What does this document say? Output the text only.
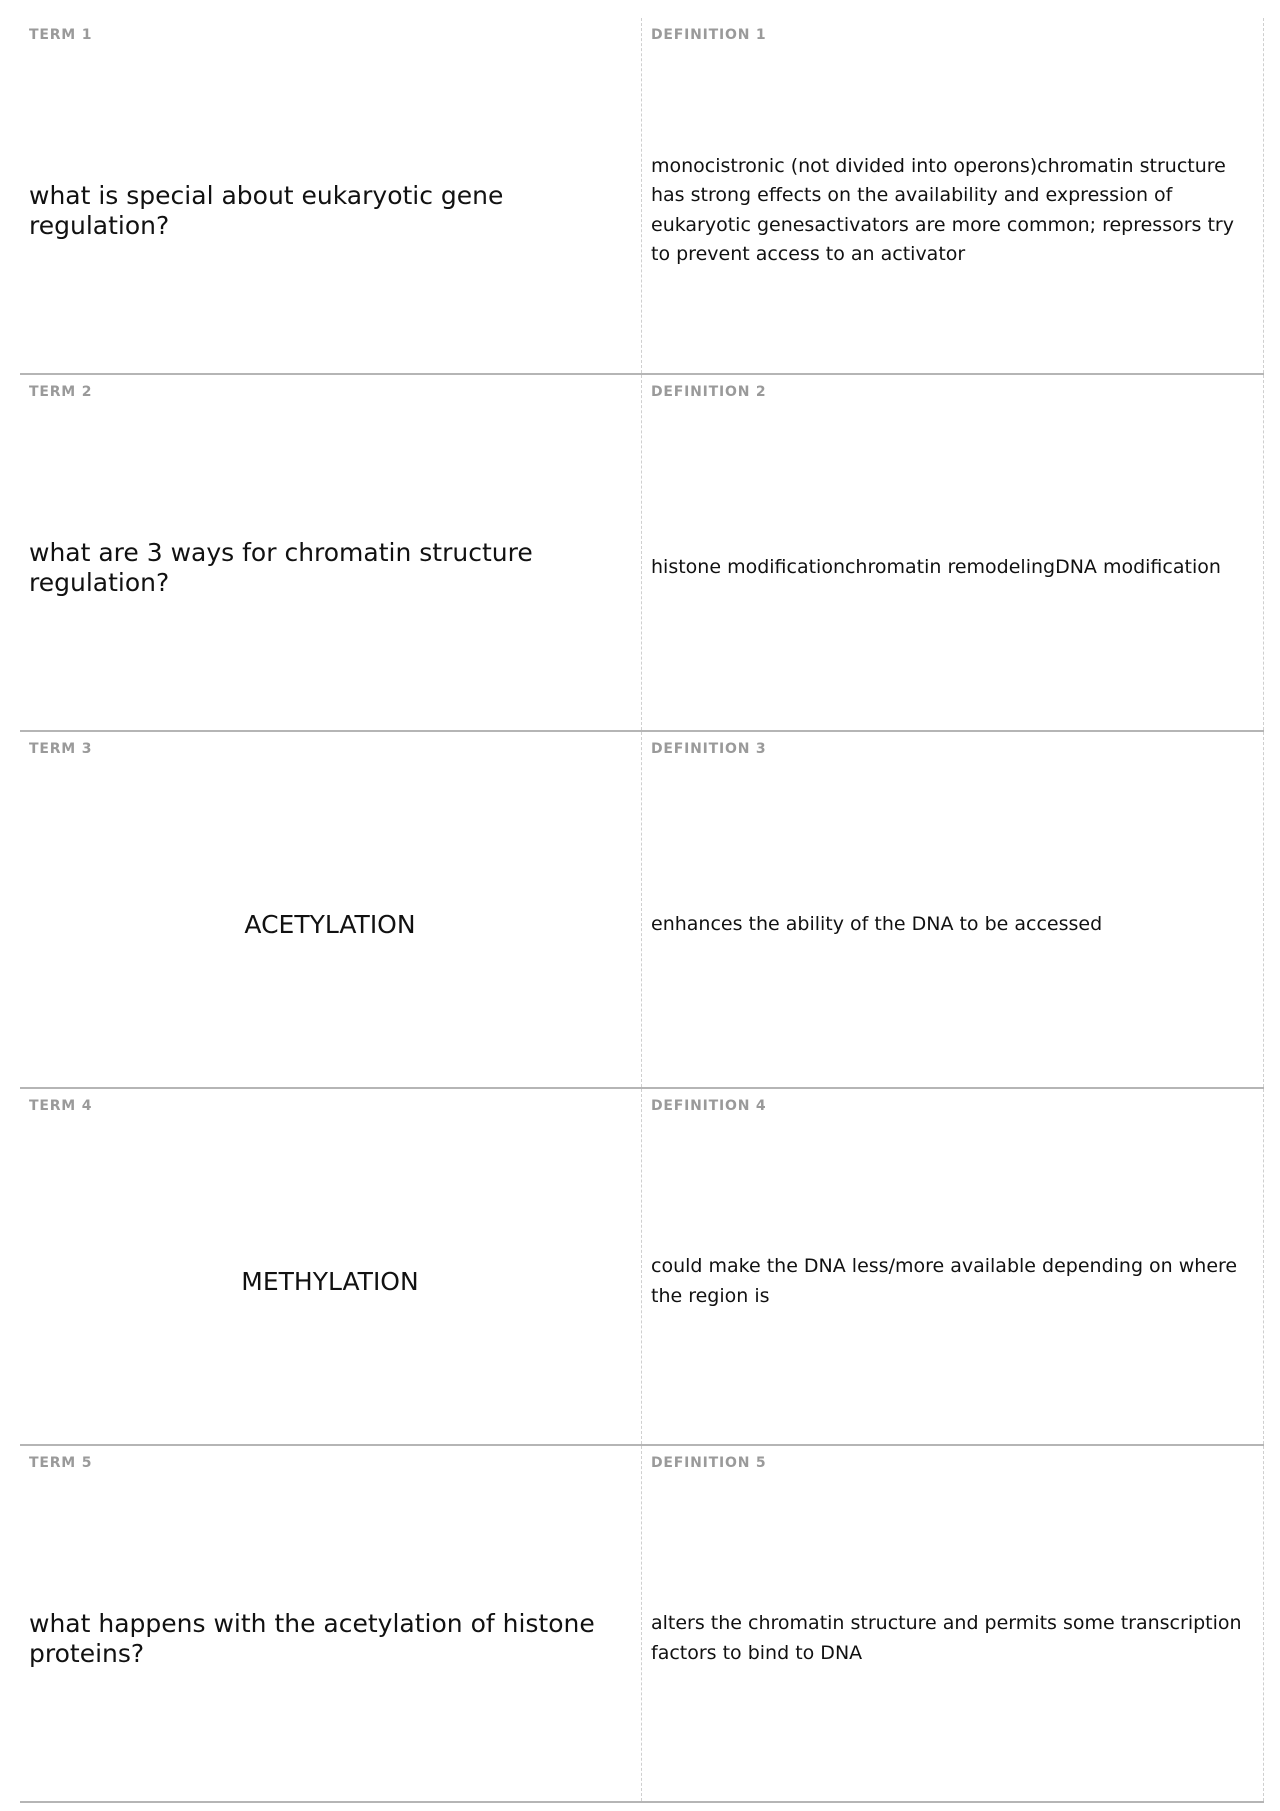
TERM 1
what is special about eukaryotic gene regulation?
DEFINITION 1
monocistronic (not divided into operons)chromatin structure has strong effects on the availability and expression of eukaryotic genesactivators are more common; repressors try to prevent access to an activator
TERM 2
what are 3 ways for chromatin structure regulation?
DEFINITION 2
histone modificationchromatin remodelingDNA modification
TERM 3
ACETYLATION
DEFINITION 3
enhances the ability of the DNA to be accessed
TERM 4
METHYLATION
DEFINITION 4
could make the DNA less/more available depending on where the region is
TERM 5
what happens with the acetylation of histone proteins?
DEFINITION 5
alters the chromatin structure and permits some transcription factors to bind to DNA
